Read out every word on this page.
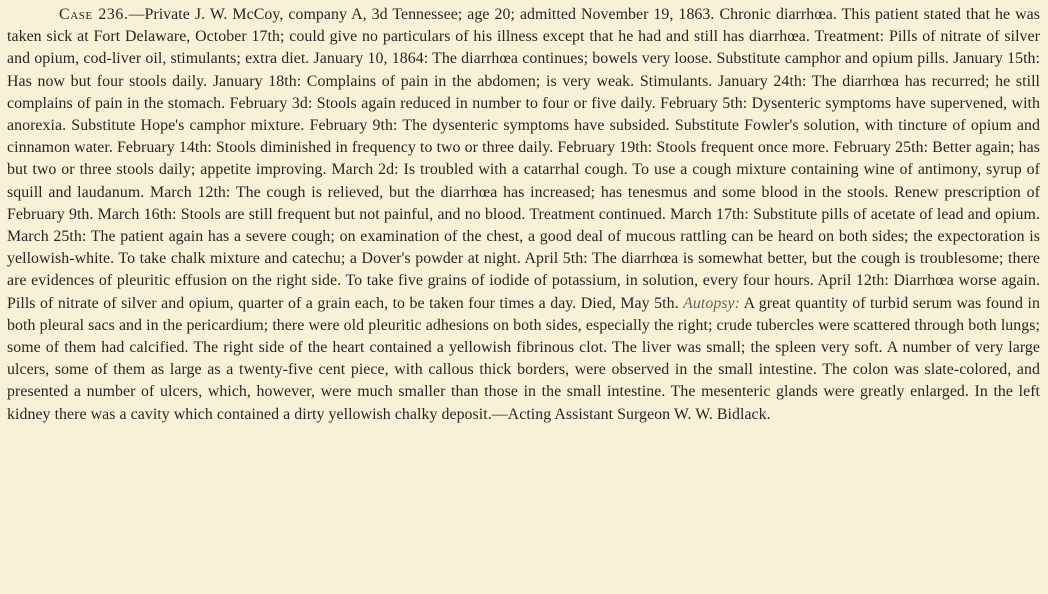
Case 236.—Private J. W. McCoy, company A, 3d Tennessee; age 20; admitted November 19, 1863. Chronic diarrhœa. This patient stated that he was taken sick at Fort Delaware, October 17th; could give no particulars of his illness except that he had and still has diarrhœa. Treatment: Pills of nitrate of silver and opium, cod-liver oil, stimulants; extra diet. January 10, 1864: The diarrhœa continues; bowels very loose. Substitute camphor and opium pills. January 15th: Has now but four stools daily. January 18th: Complains of pain in the abdomen; is very weak. Stimulants. January 24th: The diarrhœa has recurred; he still complains of pain in the stomach. February 3d: Stools again reduced in number to four or five daily. February 5th: Dysenteric symptoms have supervened, with anorexia. Substitute Hope's camphor mixture. February 9th: The dysenteric symptoms have subsided. Substitute Fowler's solution, with tincture of opium and cinnamon water. February 14th: Stools diminished in frequency to two or three daily. February 19th: Stools frequent once more. February 25th: Better again; has but two or three stools daily; appetite improving. March 2d: Is troubled with a catarrhal cough. To use a cough mixture containing wine of antimony, syrup of squill and laudanum. March 12th: The cough is relieved, but the diarrhœa has increased; has tenesmus and some blood in the stools. Renew prescription of February 9th. March 16th: Stools are still frequent but not painful, and no blood. Treatment continued. March 17th: Substitute pills of acetate of lead and opium. March 25th: The patient again has a severe cough; on examination of the chest, a good deal of mucous rattling can be heard on both sides; the expectoration is yellowish-white. To take chalk mixture and catechu; a Dover's powder at night. April 5th: The diarrhœa is somewhat better, but the cough is troublesome; there are evidences of pleuritic effusion on the right side. To take five grains of iodide of potassium, in solution, every four hours. April 12th: Diarrhœa worse again. Pills of nitrate of silver and opium, quarter of a grain each, to be taken four times a day. Died, May 5th. Autopsy: A great quantity of turbid serum was found in both pleural sacs and in the pericardium; there were old pleuritic adhesions on both sides, especially the right; crude tubercles were scattered through both lungs; some of them had calcified. The right side of the heart contained a yellowish fibrinous clot. The liver was small; the spleen very soft. A number of very large ulcers, some of them as large as a twenty-five cent piece, with callous thick borders, were observed in the small intestine. The colon was slate-colored, and presented a number of ulcers, which, however, were much smaller than those in the small intestine. The mesenteric glands were greatly enlarged. In the left kidney there was a cavity which contained a dirty yellowish chalky deposit.—Acting Assistant Surgeon W. W. Bidlack.
